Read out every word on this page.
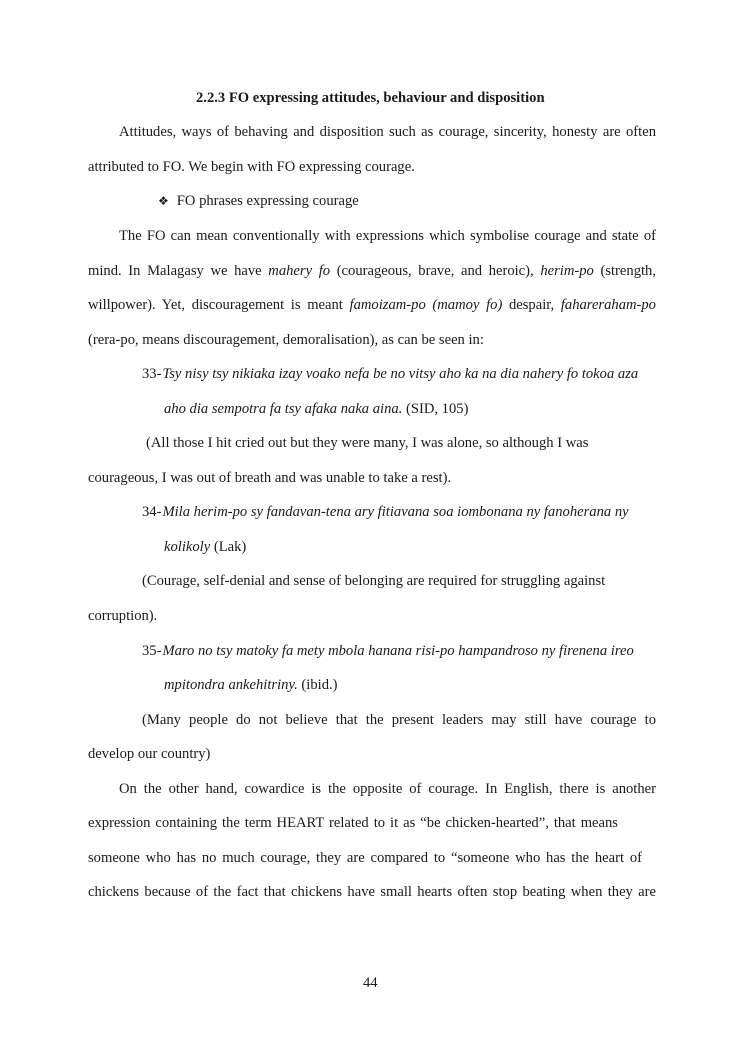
2.2.3 FO expressing attitudes, behaviour and disposition
Attitudes, ways of behaving and disposition such as courage, sincerity, honesty are often
attributed to FO. We begin with FO expressing courage.
❖ FO phrases expressing courage
The FO can mean conventionally with expressions which symbolise courage and state of
mind. In Malagasy we have mahery fo (courageous, brave, and heroic), herim-po (strength,
willpower). Yet, discouragement is meant famoizam-po (mamoy fo) despair, fahareraham-po
(rera-po, means discouragement, demoralisation), as can be seen in:
33-Tsy nisy tsy nikiaka izay voako nefa be no vitsy aho ka na dia nahery fo tokoa aza
aho dia sempotra fa tsy afaka naka aina. (SID, 105)
(All those I hit cried out but they were many, I was alone, so although I was
courageous, I was out of breath and was unable to take a rest).
34-Mila herim-po sy fandavan-tena ary fitiavana soa iombonana ny fanoherana ny
kolikoly (Lak)
(Courage, self-denial and sense of belonging are required for struggling against
corruption).
35-Maro no tsy matoky fa mety mbola hanana risi-po hampandroso ny firenena ireo
mpitondra ankehitriny. (ibid.)
(Many people do not believe that the present leaders may still have courage to
develop our country)
On the other hand, cowardice is the opposite of courage. In English, there is another
expression containing the term HEART related to it as “be chicken-hearted”, that means
someone who has no much courage, they are compared to “someone who has the heart of
chickens because of the fact that chickens have small hearts often stop beating when they are
44
